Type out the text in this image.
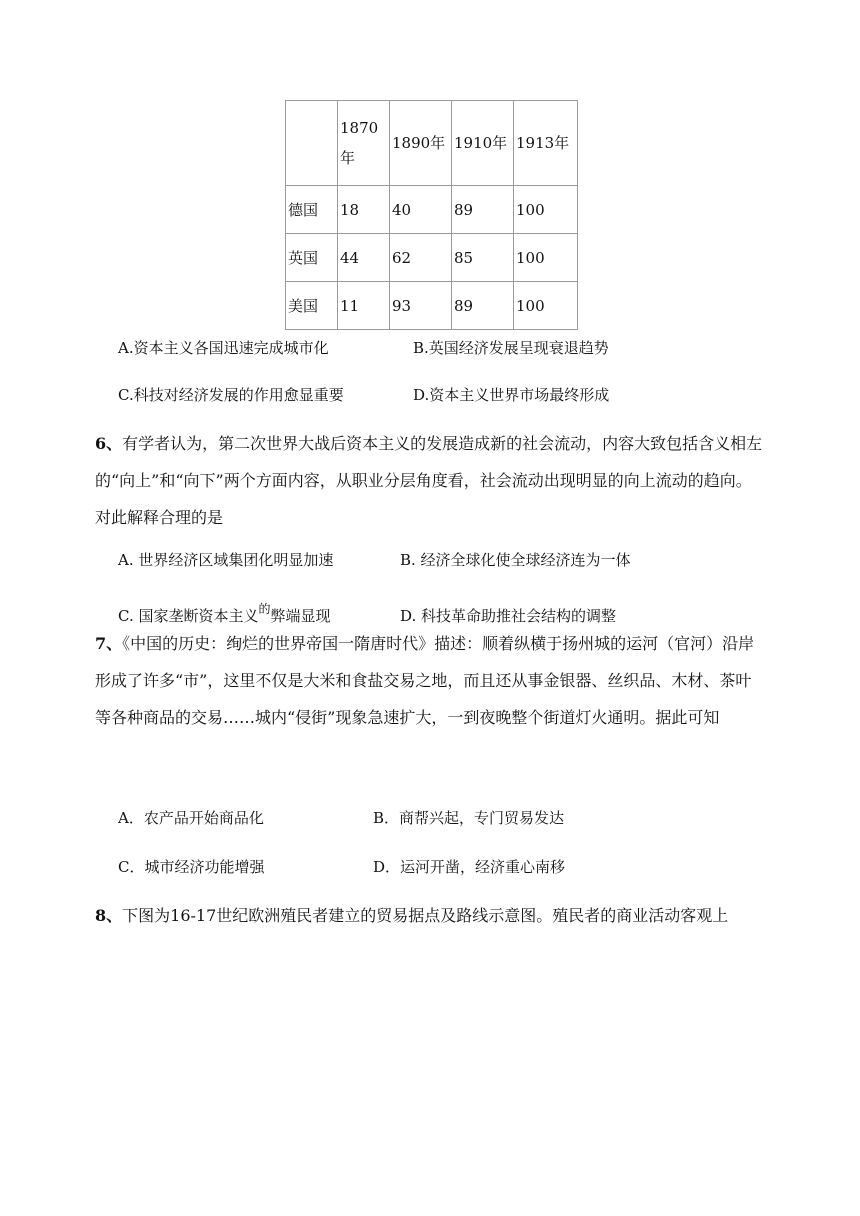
	1870年	1890年	1910年	1913年
德国	18	40	89	100
英国	44	62	85	100
美国	11	93	89	100
A.资本主义各国迅速完成城市化	B.英国经济发展呈现衰退趋势
C.科技对经济发展的作用愈显重要	D.资本主义世界市场最终形成
6、有学者认为，第二次世界大战后资本主义的发展造成新的社会流动，内容大致包括含义相左的“向上”和“向下”两个方面内容，从职业分层角度看，社会流动出现明显的向上流动的趋向。对此解释合理的是
A. 世界经济区域集团化明显加速	B. 经济全球化使全球经济连为一体
C. 国家垄断资本主义$^的$弊端显现	D. 科技革命助推社会结构的调整
7、《中国的历史：绚烂的世界帝国一隋唐时代》描述：顺着纵横于扬州城的运河（官河）沿岸形成了许多“市”，这里不仅是大米和食盐交易之地，而且还从事金银器、丝织品、木材、茶叶等各种商品的交易……城内“侵街”现象急速扩大，一到夜晚整个街道灯火通明。据此可知
A．农产品开始商品化	B．商帮兴起，专门贸易发达
C．城市经济功能增强	D．运河开凿，经济重心南移
8、下图为16-17世纪欧洲殖民者建立的贸易据点及路线示意图。殖民者的商业活动客观上
